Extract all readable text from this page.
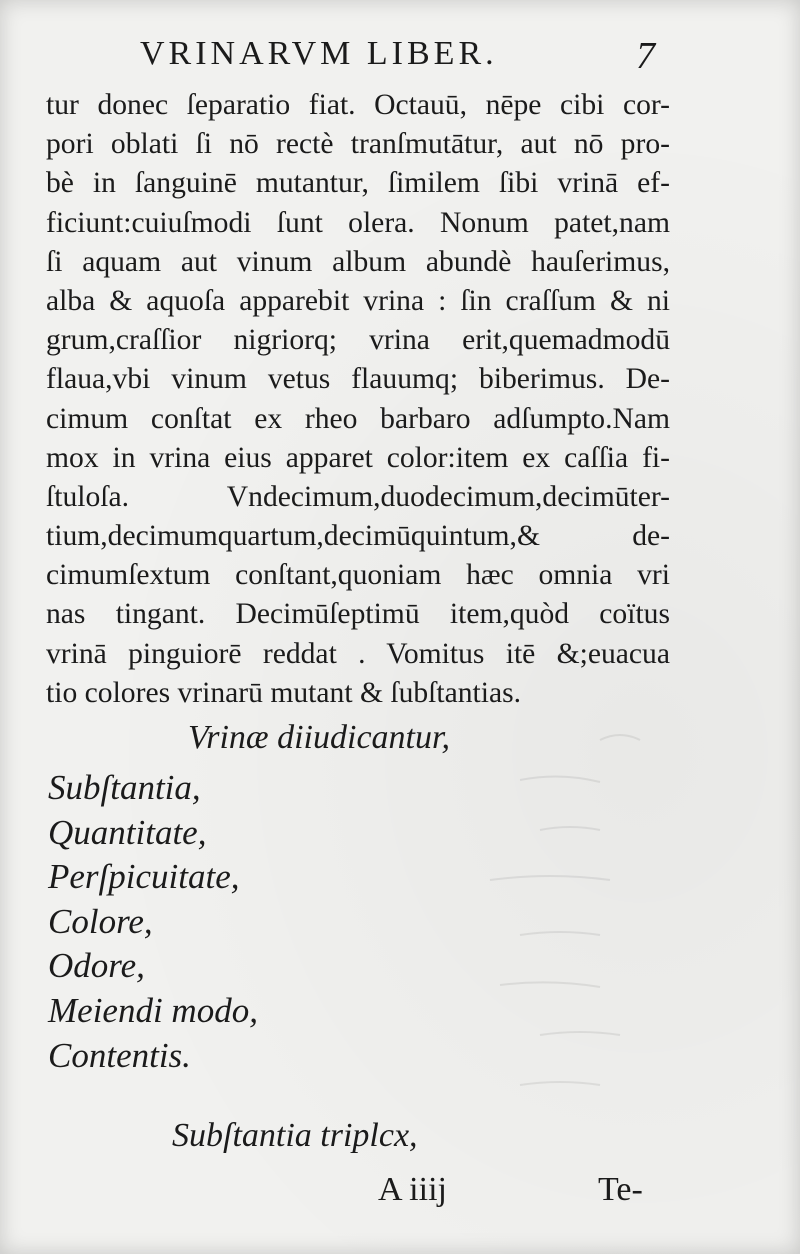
VRINARVM LIBER.	7
tur donec ſeparatio fiat. Octauū, nēpe cibi cor-
pori oblati ſi nō rectè tranſmutātur, aut nō pro-
bè in ſanguinē mutantur, ſimilem ſibi vrinā ef-
ficiunt:cuiuſmodi ſunt olera. Nonum patet,nam
ſi aquam aut vinum album abundè hauſerimus,
alba & aquoſa apparebit vrina : ſin craſſum & ni
grum,craſſior nigriorq; vrina erit,quemadmodū
flaua,vbi vinum vetus flauumq; biberimus. De-
cimum conſtat ex rheo barbaro adſumpto.Nam
mox in vrina eius apparet color:item ex caſſia fi-
ſtuloſa. Vndecimum,duodecimum,decimūter-
tium,decimumquartum,decimūquintum,& de-
cimumſextum conſtant,quoniam hæc omnia vri
nas tingant. Decimūſeptimū item,quòd coïtus
vrinā pinguiorē reddat . Vomitus itē &;euacua
tio colores vrinarū mutant & ſubſtantias.
Vrinæ diiudicantur,
Subſtantia,
Quantitate,
Perſpicuitate,
Colore,
Odore,
Meiendi modo,
Contentis.
Subſtantia triplcx,
A iiij	Te-
